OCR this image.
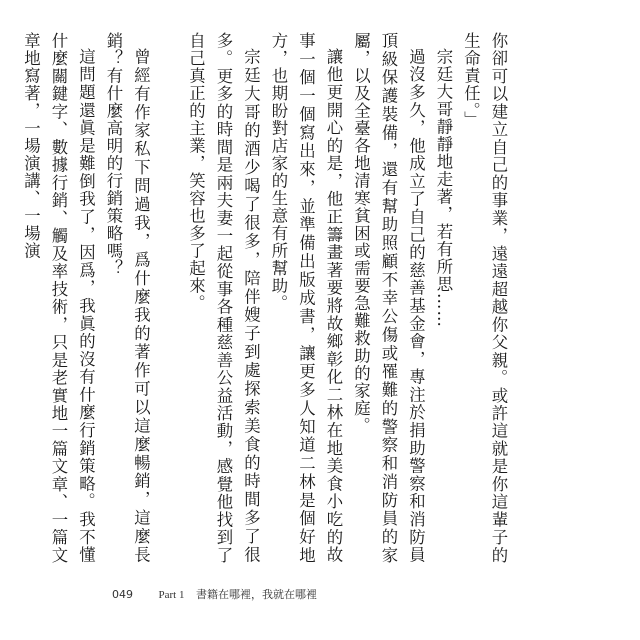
你卻可以建立自己的事業，遠遠超越你父親。或許這就是你這輩子的生命責任。」

宗廷大哥靜靜地走著，若有所思……

過沒多久，他成立了自己的慈善基金會，專注於捐助警察和消防員頂級保護裝備，還有幫助照顧不幸公傷或罹難的警察和消防員的家屬，以及全臺各地清寒貧困或需要急難救助的家庭。

讓他更開心的是，他正籌畫著要將故鄉彰化二林在地美食小吃的故事一個一個寫出來，並準備出版成書，讓更多人知道二林是個好地方，也期盼對店家的生意有所幫助。

宗廷大哥的酒少喝了很多，陪伴嫂子到處探索美食的時間多了很多。更多的時間是兩夫妻一起從事各種慈善公益活動，感覺他找到了自己真正的主業，笑容也多了起來。

曾經有作家私下問過我，爲什麼我的著作可以這麼暢銷，這麼長銷？有什麼高明的行銷策略嗎？

這問題還眞是難倒我了，因爲，我眞的沒有什麼行銷策略。我不懂什麼關鍵字、數據行銷、觸及率技術，只是老實地一篇文章、一篇文章地寫著，一場演講、一場演

049 Part 1 書籍在哪裡，我就在哪裡
